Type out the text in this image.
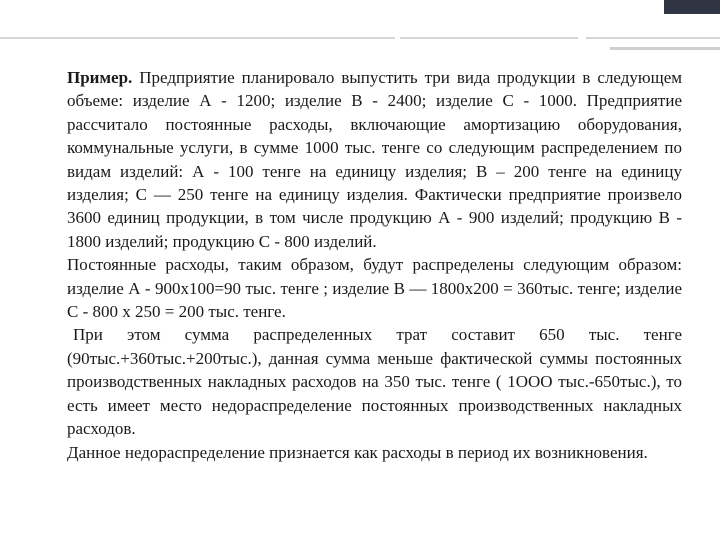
Пример. Предприятие планировало выпустить три вида продукции в следующем объеме: изделие А - 1200; изделие В - 2400; изделие С - 1000. Предприятие рассчитало постоянные расходы, включающие амортизацию оборудования, коммунальные услуги, в сумме 1000 тыс. тенге со следующим распределением по видам изделий: А - 100 тенге на единицу изделия; В – 200 тенге на единицу изделия; С — 250 тенге на единицу изделия. Фактически предприятие произвело 3600 единиц продукции, в том числе продукцию А - 900 изделий; продукцию В - 1800 изделий; продукцию С - 800 изделий.

Постоянные расходы, таким образом, будут распределены следующим образом: изделие А - 900х100=90 тыс. тенге ; изделие В — 1800х200 = 360тыс. тенге; изделие С - 800 х 250 = 200 тыс. тенге.

При этом сумма распределенных трат составит 650 тыс. тенге (90тыс.+360тыс.+200тыс.), данная сумма меньше фактической суммы постоянных производственных накладных расходов на 350 тыс. тенге ( 1ООО тыс.-650тыс.), то есть имеет место недораспределение постоянных производственных накладных расходов.

Данное недораспределение признается как расходы в период их возникновения.
